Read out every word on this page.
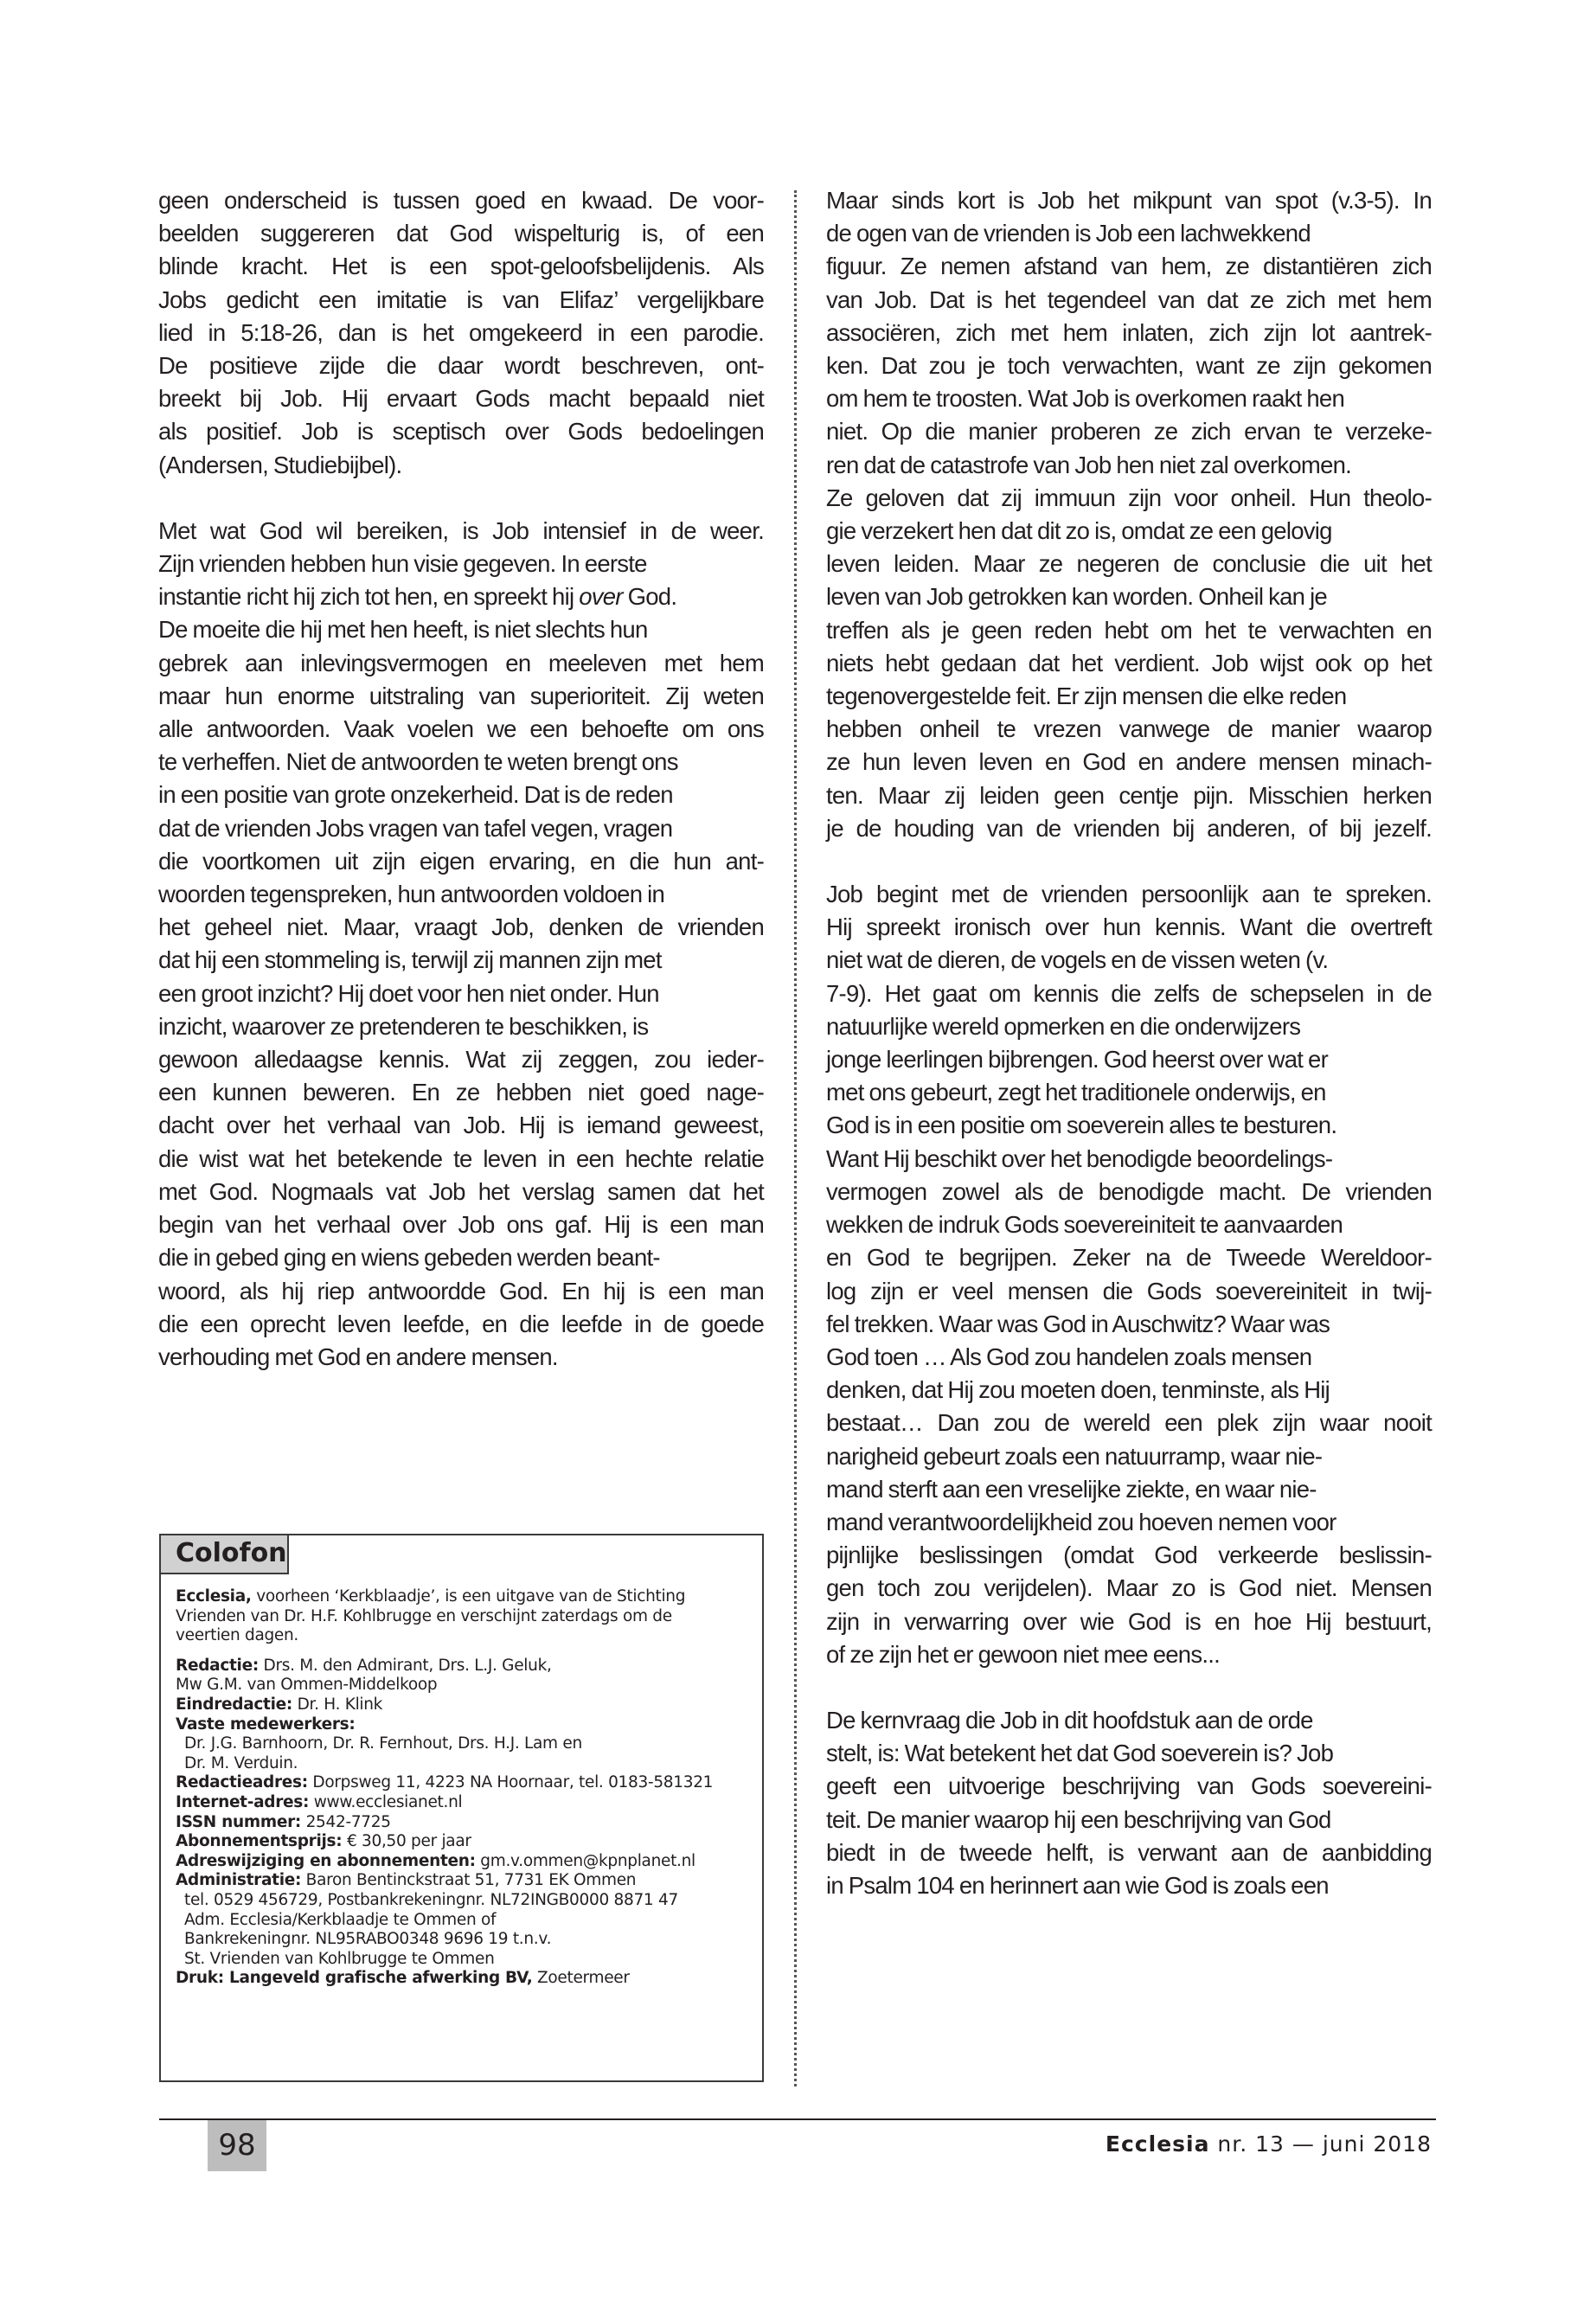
geen onderscheid is tussen goed en kwaad. De voor-
beelden suggereren dat God wispelturig is, of een
blinde kracht. Het is een spot-geloofsbelijdenis. Als
Jobs gedicht een imitatie is van Elifaz’ vergelijkbare
lied in 5:18-26, dan is het omgekeerd in een parodie.
De positieve zijde die daar wordt beschreven, ont-
breekt bij Job. Hij ervaart Gods macht bepaald niet
als positief. Job is sceptisch over Gods bedoelingen
(Andersen, Studiebijbel).
Met wat God wil bereiken, is Job intensief in de weer.
Zijn vrienden hebben hun visie gegeven. In eerste
instantie richt hij zich tot hen, en spreekt hij over God.
De moeite die hij met hen heeft, is niet slechts hun
gebrek aan inlevingsvermogen en meeleven met hem
maar hun enorme uitstraling van superioriteit. Zij weten
alle antwoorden. Vaak voelen we een behoefte om ons
te verheffen. Niet de antwoorden te weten brengt ons
in een positie van grote onzekerheid. Dat is de reden
dat de vrienden Jobs vragen van tafel vegen, vragen
die voortkomen uit zijn eigen ervaring, en die hun ant-
woorden tegenspreken, hun antwoorden voldoen in
het geheel niet. Maar, vraagt Job, denken de vrienden
dat hij een stommeling is, terwijl zij mannen zijn met
een groot inzicht? Hij doet voor hen niet onder. Hun
inzicht, waarover ze pretenderen te beschikken, is
gewoon alledaagse kennis. Wat zij zeggen, zou ieder-
een kunnen beweren. En ze hebben niet goed nage-
dacht over het verhaal van Job. Hij is iemand geweest,
die wist wat het betekende te leven in een hechte relatie
met God. Nogmaals vat Job het verslag samen dat het
begin van het verhaal over Job ons gaf. Hij is een man
die in gebed ging en wiens gebeden werden beant-
woord, als hij riep antwoordde God. En hij is een man
die een oprecht leven leefde, en die leefde in de goede
verhouding met God en andere mensen.
Maar sinds kort is Job het mikpunt van spot (v.3-5). In
de ogen van de vrienden is Job een lachwekkend
figuur. Ze nemen afstand van hem, ze distantiëren zich
van Job. Dat is het tegendeel van dat ze zich met hem
associëren, zich met hem inlaten, zich zijn lot aantrek-
ken. Dat zou je toch verwachten, want ze zijn gekomen
om hem te troosten. Wat Job is overkomen raakt hen
niet. Op die manier proberen ze zich ervan te verzeke-
ren dat de catastrofe van Job hen niet zal overkomen.
Ze geloven dat zij immuun zijn voor onheil. Hun theolo-
gie verzekert hen dat dit zo is, omdat ze een gelovig
leven leiden. Maar ze negeren de conclusie die uit het
leven van Job getrokken kan worden. Onheil kan je
treffen als je geen reden hebt om het te verwachten en
niets hebt gedaan dat het verdient. Job wijst ook op het
tegenovergestelde feit. Er zijn mensen die elke reden
hebben onheil te vrezen vanwege de manier waarop
ze hun leven leven en God en andere mensen minach-
ten. Maar zij leiden geen centje pijn. Misschien herken
je de houding van de vrienden bij anderen, of bij jezelf.
Job begint met de vrienden persoonlijk aan te spreken.
Hij spreekt ironisch over hun kennis. Want die overtreft
niet wat de dieren, de vogels en de vissen weten (v.
7-9). Het gaat om kennis die zelfs de schepselen in de
natuurlijke wereld opmerken en die onderwijzers
jonge leerlingen bijbrengen. God heerst over wat er
met ons gebeurt, zegt het traditionele onderwijs, en
God is in een positie om soeverein alles te besturen.
Want Hij beschikt over het benodigde beoordelings-
vermogen zowel als de benodigde macht. De vrienden
wekken de indruk Gods soevereiniteit te aanvaarden
en God te begrijpen. Zeker na de Tweede Wereldoor-
log zijn er veel mensen die Gods soevereiniteit in twij-
fel trekken. Waar was God in Auschwitz? Waar was
God toen … Als God zou handelen zoals mensen
denken, dat Hij zou moeten doen, tenminste, als Hij
bestaat… Dan zou de wereld een plek zijn waar nooit
narigheid gebeurt zoals een natuurramp, waar nie-
mand sterft aan een vreselijke ziekte, en waar nie-
mand verantwoordelijkheid zou hoeven nemen voor
pijnlijke beslissingen (omdat God verkeerde beslissin-
gen toch zou verijdelen). Maar zo is God niet. Mensen
zijn in verwarring over wie God is en hoe Hij bestuurt,
of ze zijn het er gewoon niet mee eens...
De kernvraag die Job in dit hoofdstuk aan de orde
stelt, is: Wat betekent het dat God soeverein is? Job
geeft een uitvoerige beschrijving van Gods soevereini-
teit. De manier waarop hij een beschrijving van God
biedt in de tweede helft, is verwant aan de aanbidding
in Psalm 104 en herinnert aan wie God is zoals een
Colofon
Ecclesia, voorheen ‘Kerkblaadje’, is een uitgave van de Stichting
Vrienden van Dr. H.F. Kohlbrugge en verschijnt zaterdags om de
veertien dagen.
Redactie: Drs. M. den Admirant, Drs. L.J. Geluk,
Mw G.M. van Ommen-Middelkoop
Eindredactie: Dr. H. Klink
Vaste medewerkers:
Dr. J.G. Barnhoorn, Dr. R. Fernhout, Drs. H.J. Lam en
Dr. M. Verduin.
Redactieadres: Dorpsweg 11, 4223 NA Hoornaar, tel. 0183-581321
Internet-adres: www.ecclesianet.nl
ISSN nummer: 2542-7725
Abonnementsprijs: € 30,50 per jaar
Adreswijziging en abonnementen: gm.v.ommen@kpnplanet.nl
Administratie: Baron Bentinckstraat 51, 7731 EK Ommen
tel. 0529 456729, Postbankrekeningnr. NL72INGB0000 8871 47
Adm. Ecclesia/Kerkblaadje te Ommen of
Bankrekeningnr. NL95RABO0348 9696 19 t.n.v.
St. Vrienden van Kohlbrugge te Ommen
Druk: Langeveld grafische afwerking BV, Zoetermeer
98	Ecclesia nr. 13 — juni 2018
